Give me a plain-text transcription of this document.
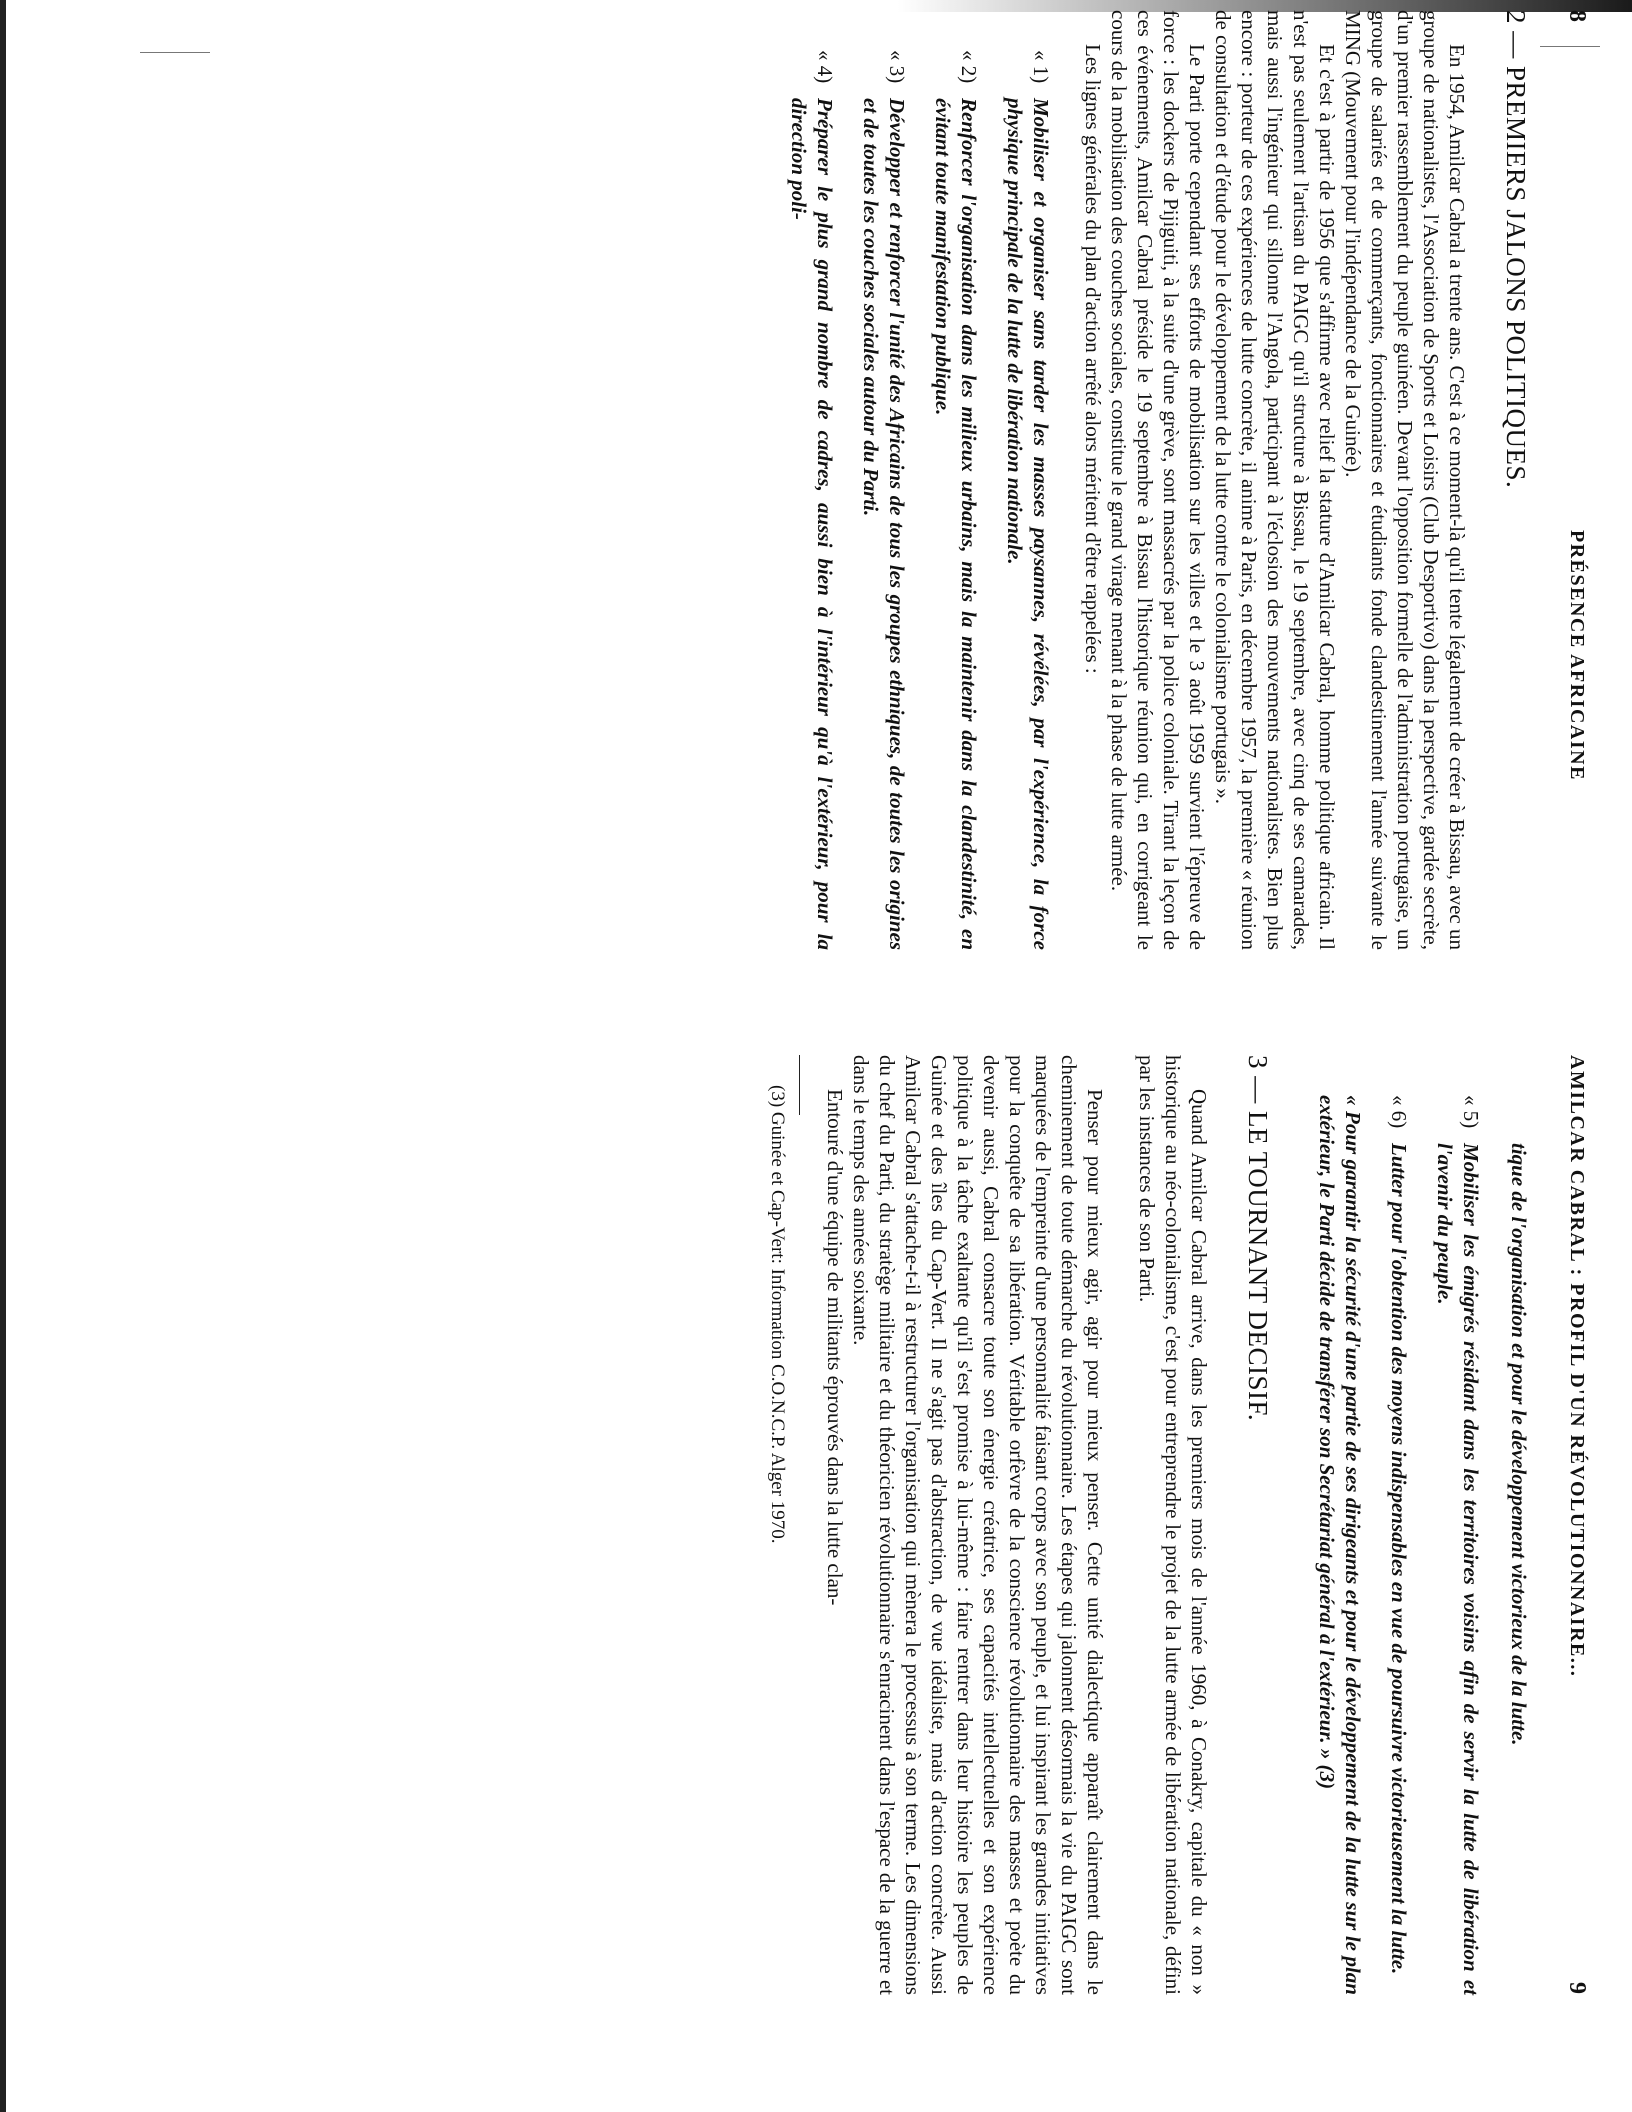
8
PRÉSENCE AFRICAINE
2 — PREMIERS JALONS POLITIQUES.

En 1954, Amilcar Cabral a trente ans. C'est à ce moment-là qu'il tente légalement de créer à Bissau, avec un groupe de nationalistes, l'Association de Sports et Loisirs (Club Desportivo) dans la perspective, gardée secrète, d'un premier rassemblement du peuple guinéen. Devant l'opposition formelle de l'administration portugaise, un groupe de salariés et de commerçants, fonctionnaires et étudiants fonde clandestinement l'année suivante le MING (Mouvement pour l'indépendance de la Guinée).

Et c'est à partir de 1956 que s'affirme avec relief la stature d'Amilcar Cabral, homme politique africain. Il n'est pas seulement l'artisan du PAIGC qu'il structure à Bissau, le 19 septembre, avec cinq de ses camarades, mais aussi l'ingénieur qui sillonne l'Angola, participant à l'éclosion des mouvements nationalistes. Bien plus encore : porteur de ces expériences de lutte concrète, il anime à Paris, en décembre 1957, la première « réunion de consultation et d'étude pour le développement de la lutte contre le colonialisme portugais ».

Le Parti porte cependant ses efforts de mobilisation sur les villes et le 3 août 1959 survient l'épreuve de force : les dockers de Pijiguiti, à la suite d'une grève, sont massacrés par la police coloniale. Tirant la leçon de ces événements, Amilcar Cabral préside le 19 septembre à Bissau l'historique réunion qui, en corrigeant le cours de la mobilisation des couches sociales, constitue le grand virage menant à la phase de lutte armée.

Les lignes générales du plan d'action arrêté alors méritent d'être rappelées :

« 1)Mobiliser et organiser sans tarder les masses paysannes, révélées, par l'expérience, la force physique principale de la lutte de libération nationale.
« 2)Renforcer l'organisation dans les milieux urbains, mais la maintenir dans la clandestinité, en évitant toute manifestation publique.
« 3)Développer et renforcer l'unité des Africains de tous les groupes ethniques, de toutes les origines et de toutes les couches sociales autour du Parti.
« 4)Préparer le plus grand nombre de cadres, aussi bien à l'intérieur qu'à l'extérieur, pour la direction poli-
AMILCAR CABRAL : PROFIL D'UN RÉVOLUTIONNAIRE...
9
tique de l'organisation et pour le développement victorieux de la lutte.
« 5)Mobiliser les émigrés résidant dans les territoires voisins afin de servir la lutte de libération et l'avenir du peuple.
« 6)Lutter pour l'obtention des moyens indispensables en vue de poursuivre victorieusement la lutte.
« Pour garantir la sécurité d'une partie de ses dirigeants et pour le développement de la lutte sur le plan extérieur, le Parti décide de transférer son Secrétariat général à l'extérieur. » (3)
3 — LE TOURNANT DECISIF.

Quand Amilcar Cabral arrive, dans les premiers mois de l'année 1960, à Conakry, capitale du « non » historique au néo-colonialisme, c'est pour entreprendre le projet de la lutte armée de libération nationale, défini par les instances de son Parti.

Penser pour mieux agir, agir pour mieux penser. Cette unité dialectique apparaît clairement dans le cheminement de toute démarche du révolutionnaire. Les étapes qui jalonnent désormais la vie du PAIGC sont marquées de l'empreinte d'une personnalité faisant corps avec son peuple, et lui inspirant les grandes initiatives pour la conquête de sa libération. Véritable orfèvre de la conscience révolutionnaire des masses et poète du devenir aussi, Cabral consacre toute son énergie créatrice, ses capacités intellectuelles et son expérience politique à la tâche exaltante qu'il s'est promise à lui-même : faire rentrer dans leur histoire les peuples de Guinée et des îles du Cap-Vert. Il ne s'agit pas d'abstraction, de vue idéaliste, mais d'action concrète. Aussi Amilcar Cabral s'attache-t-il à restructurer l'organisation qui mènera le processus à son terme. Les dimensions du chef du Parti, du stratège militaire et du théoricien révolutionnaire s'enracinent dans l'espace de la guerre et dans le temps des années soixante.

Entouré d'une équipe de militants éprouvés dans la lutte clan-

(3) Guinée et Cap-Vert: Information C.O.N.C.P. Alger 1970.
